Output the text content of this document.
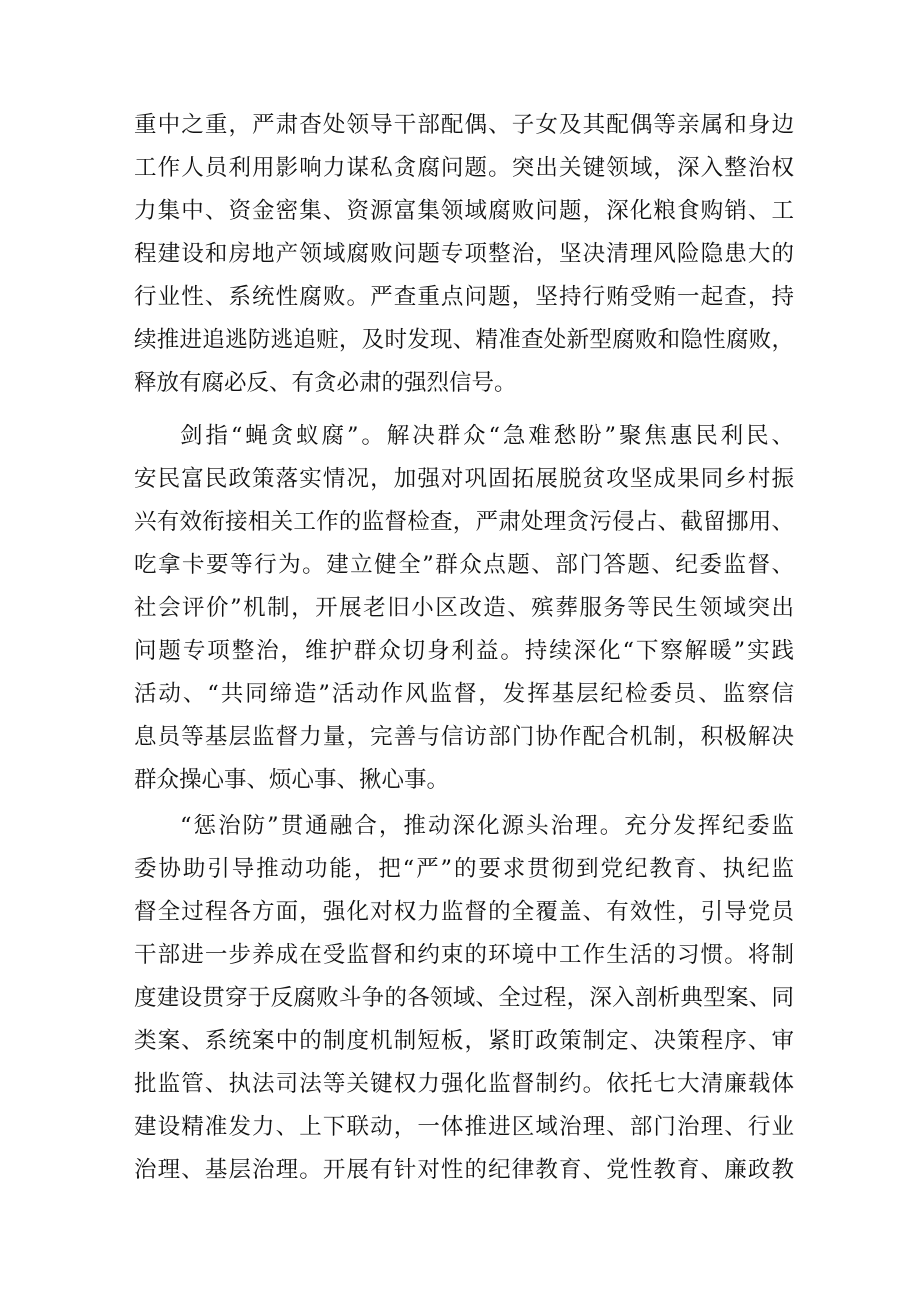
重中之重，严肃杳处领导干部配偶、子女及其配偶等亲属和身边
工作人员利用影响力谋私贪腐问题。突出关键领域，深入整治权
力集中、资金密集、资源富集领域腐败问题，深化粮食购销、工
程建设和房地产领域腐败问题专项整治，坚决清理风险隐患大的
行业性、系统性腐败。严查重点问题，坚持行贿受贿一起查，持
续推进追逃防逃追赃，及时发现、精准查处新型腐败和隐性腐败，
释放有腐必反、有贪必肃的强烈信号。
剑指“蝇贪蚁腐”。解决群众“急难愁盼”聚焦惠民利民、
安民富民政策落实情况，加强对巩固拓展脱贫攻坚成果同乡村振
兴有效衔接相关工作的监督检查，严肃处理贪污侵占、截留挪用、
吃拿卡要等行为。建立健全”群众点题、部门答题、纪委监督、
社会评价”机制，开展老旧小区改造、殡葬服务等民生领域突出
问题专项整治，维护群众切身利益。持续深化“下察解暖”实践
活动、“共同缔造”活动作风监督，发挥基层纪检委员、监察信
息员等基层监督力量，完善与信访部门协作配合机制，积极解决
群众操心事、烦心事、揪心事。
“惩治防”贯通融合，推动深化源头治理。充分发挥纪委监
委协助引导推动功能，把“严”的要求贯彻到党纪教育、执纪监
督全过程各方面，强化对权力监督的全覆盖、有效性，引导党员
干部进一步养成在受监督和约束的环境中工作生活的习惯。将制
度建设贯穿于反腐败斗争的各领域、全过程，深入剖析典型案、同
类案、系统案中的制度机制短板，紧盯政策制定、决策程序、审
批监管、执法司法等关键权力强化监督制约。依托七大清廉载体
建设精准发力、上下联动，一体推进区域治理、部门治理、行业
治理、基层治理。开展有针对性的纪律教育、党性教育、廉政教
